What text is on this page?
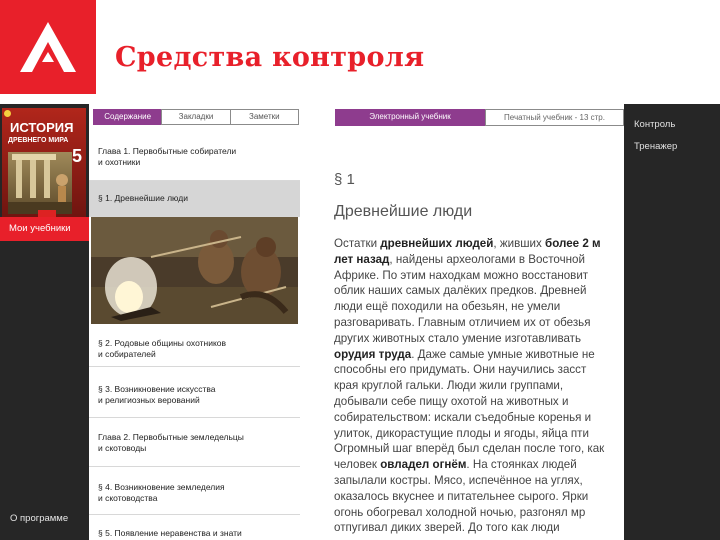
Средства контроля
ИСТОРИЯ
ДРЕВНЕГО МИРА
5
Мои учебники
О программе
Содержание	Закладки	Заметки
Глава 1. Первобытные собиратели
и охотники
§ 1. Древнейшие люди
§ 2. Родовые общины охотников
и собирателей
§ 3. Возникновение искусства
и религиозных верований
Глава 2. Первобытные земледельцы
и скотоводы
§ 4. Возникновение земледелия
и скотоводства
§ 5. Появление неравенства и знати
Электронный учебник	Печатный учебник - 13 стр.
§ 1
Древнейшие люди
Остатки древнейших людей, живших более 2 м
лет назад, найдены археологами в Восточной
Африке. По этим находкам можно восстановит
облик наших самых далёких предков. Древней
люди ещё походили на обезьян, не умели
разговаривать. Главным отличием их от обезья
других животных стало умение изготавливать
орудия труда. Даже самые умные животные не
способны его придумать. Они научились засст
края круглой гальки. Люди жили группами,
добывали себе пищу охотой на животных и
собирательством: искали съедобные коренья и
улиток, дикорастущие плоды и ягоды, яйца пти
Огромный шаг вперёд был сделан после того, как
человек овладел огнём. На стоянках людей
запылали костры. Мясо, испечённое на углях,
оказалось вкуснее и питательнее сырого. Ярки
огонь обогревал холодной ночью, разгонял мр
отпугивал диких зверей. До того как люди
Контроль
Тренажер
